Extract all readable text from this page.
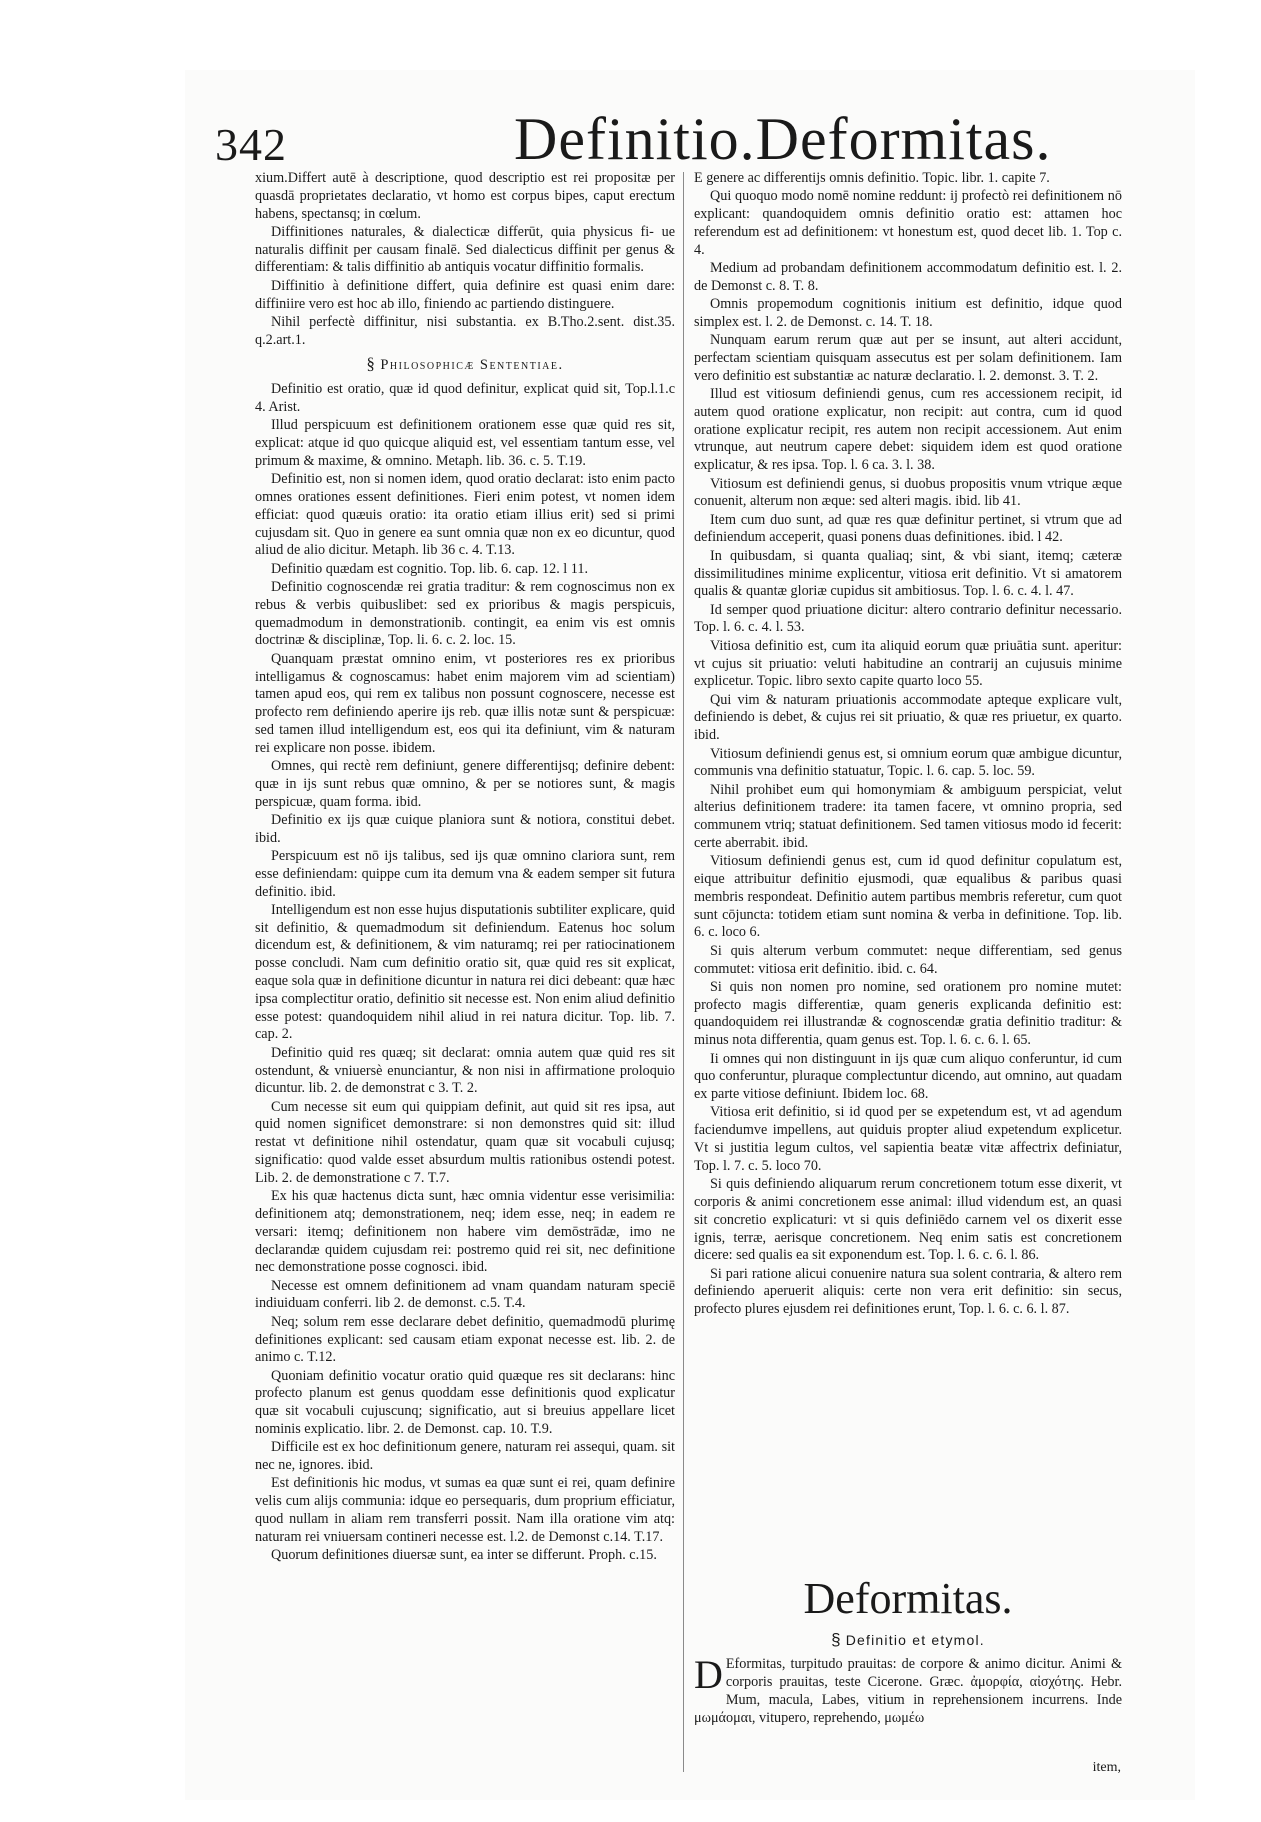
342	Definitio.Deformitas.

xium.Differt autē à descriptione, quod descriptio est rei propositæ per quasdā proprietates declaratio, vt homo est corpus bipes, caput erectum habens, spectansq; in cœlum.

Diffinitiones naturales, & dialecticæ differūt, quia physicus fi- ue naturalis diffinit per causam finalē. Sed dialecticus diffinit per genus & differentiam: & talis diffinitio ab antiquis vocatur diffinitio formalis.

Diffinitio à definitione differt, quia definire est quasi enim dare: diffiniire vero est hoc ab illo, finiendo ac partiendo distinguere.

Nihil perfectè diffinitur, nisi substantia. ex B.Tho.2.sent. dist.35. q.2.art.1.

§ Philosophicæ Sententiae.

Definitio est oratio, quæ id quod definitur, explicat quid sit, Top.l.1.c 4. Arist.

Illud perspicuum est definitionem orationem esse quæ quid res sit, explicat: atque id quo quicque aliquid est, vel essentiam tantum esse, vel primum & maxime, & omnino. Metaph. lib. 36. c. 5. T.19.

Definitio est, non si nomen idem, quod oratio declarat: isto enim pacto omnes orationes essent definitiones. Fieri enim potest, vt nomen idem efficiat: quod quæuis oratio: ita oratio etiam illius erit) sed si primi cujusdam sit. Quo in genere ea sunt omnia quæ non ex eo dicuntur, quod aliud de alio dicitur. Metaph. lib 36 c. 4. T.13.

Definitio quædam est cognitio. Top. lib. 6. cap. 12. l 11.

Definitio cognoscendæ rei gratia traditur: & rem cognoscimus non ex rebus & verbis quibuslibet: sed ex prioribus & magis perspicuis, quemadmodum in demonstrationib. contingit, ea enim vis est omnis doctrinæ & disciplinæ, Top. li. 6. c. 2. loc. 15.

Quanquam præstat omnino enim, vt posteriores res ex prioribus intelligamus & cognoscamus: habet enim majorem vim ad scientiam) tamen apud eos, qui rem ex talibus non possunt cognoscere, necesse est profecto rem definiendo aperire ijs reb. quæ illis notæ sunt & perspicuæ: sed tamen illud intelligendum est, eos qui ita definiunt, vim & naturam rei explicare non posse. ibidem.

Omnes, qui rectè rem definiunt, genere differentijsq; definire debent: quæ in ijs sunt rebus quæ omnino, & per se notiores sunt, & magis perspicuæ, quam forma. ibid.

Definitio ex ijs quæ cuique planiora sunt & notiora, constitui debet. ibid.

Perspicuum est nō ijs talibus, sed ijs quæ omnino clariora sunt, rem esse definiendam: quippe cum ita demum vna & eadem semper sit futura definitio. ibid.

Intelligendum est non esse hujus disputationis subtiliter explicare, quid sit definitio, & quemadmodum sit definiendum. Eatenus hoc solum dicendum est, & definitionem, & vim naturamq; rei per ratiocinationem posse concludi. Nam cum definitio oratio sit, quæ quid res sit explicat, eaque sola quæ in definitione dicuntur in natura rei dici debeant: quæ hæc ipsa complectitur oratio, definitio sit necesse est. Non enim aliud definitio esse potest: quandoquidem nihil aliud in rei natura dicitur. Top. lib. 7. cap. 2.

Definitio quid res quæq; sit declarat: omnia autem quæ quid res sit ostendunt, & vniuersè enunciantur, & non nisi in affirmatione proloquio dicuntur. lib. 2. de demonstrat c 3. T. 2.

Cum necesse sit eum qui quippiam definit, aut quid sit res ipsa, aut quid nomen significet demonstrare: si non demonstres quid sit: illud restat vt definitione nihil ostendatur, quam quæ sit vocabuli cujusq; significatio: quod valde esset absurdum multis rationibus ostendi potest. Lib. 2. de demonstratione c 7. T.7.

Ex his quæ hactenus dicta sunt, hæc omnia videntur esse verisimilia: definitionem atq; demonstrationem, neq; idem esse, neq; in eadem re versari: itemq; definitionem non habere vim demōstrādæ, imo ne declarandæ quidem cujusdam rei: postremo quid rei sit, nec definitione nec demonstratione posse cognosci. ibid.

Necesse est omnem definitionem ad vnam quandam naturam speciē indiuiduam conferri. lib 2. de demonst. c.5. T.4.

Neq; solum rem esse declarare debet definitio, quemadmodū plurimę definitiones explicant: sed causam etiam exponat necesse est. lib. 2. de animo c. T.12.

Quoniam definitio vocatur oratio quid quæque res sit declarans: hinc profecto planum est genus quoddam esse definitionis quod explicatur quæ sit vocabuli cujuscunq; significatio, aut si breuius appellare licet nominis explicatio. libr. 2. de Demonst. cap. 10. T.9.

Difficile est ex hoc definitionum genere, naturam rei assequi, quam. sit nec ne, ignores. ibid.

Est definitionis hic modus, vt sumas ea quæ sunt ei rei, quam definire velis cum alijs communia: idque eo persequaris, dum proprium efficiatur, quod nullam in aliam rem transferri possit. Nam illa oratione vim atq: naturam rei vniuersam contineri necesse est. l.2. de Demonst c.14. T.17.

Quorum definitiones diuersæ sunt, ea inter se differunt. Proph. c.15.

E genere ac differentijs omnis definitio. Topic. libr. 1. capite 7.

Qui quoquo modo nomē nomine reddunt: ij profectò rei definitionem nō explicant: quandoquidem omnis definitio oratio est: attamen hoc referendum est ad definitionem: vt honestum est, quod decet lib. 1. Top c. 4.

Medium ad probandam definitionem accommodatum definitio est. l. 2. de Demonst c. 8. T. 8.

Omnis propemodum cognitionis initium est definitio, idque quod simplex est. l. 2. de Demonst. c. 14. T. 18.

Nunquam earum rerum quæ aut per se insunt, aut alteri accidunt, perfectam scientiam quisquam assecutus est per solam definitionem. Iam vero definitio est substantiæ ac naturæ declaratio. l. 2. demonst. 3. T. 2.

Illud est vitiosum definiendi genus, cum res accessionem recipit, id autem quod oratione explicatur, non recipit: aut contra, cum id quod oratione explicatur recipit, res autem non recipit accessionem. Aut enim vtrunque, aut neutrum capere debet: siquidem idem est quod oratione explicatur, & res ipsa. Top. l. 6 ca. 3. l. 38.

Vitiosum est definiendi genus, si duobus propositis vnum vtrique æque conuenit, alterum non æque: sed alteri magis. ibid. lib 41.

Item cum duo sunt, ad quæ res quæ definitur pertinet, si vtrum que ad definiendum acceperit, quasi ponens duas definitiones. ibid. l 42.

In quibusdam, si quanta qualiaq; sint, & vbi siant, itemq; cæteræ dissimilitudines minime explicentur, vitiosa erit definitio. Vt si amatorem qualis & quantæ gloriæ cupidus sit ambitiosus. Top. l. 6. c. 4. l. 47.

Id semper quod priuatione dicitur: altero contrario definitur necessario. Top. l. 6. c. 4. l. 53.

Vitiosa definitio est, cum ita aliquid eorum quæ priuātia sunt. aperitur: vt cujus sit priuatio: veluti habitudine an contrarij an cujusuis minime explicetur. Topic. libro sexto capite quarto loco 55.

Qui vim & naturam priuationis accommodate apteque explicare vult, definiendo is debet, & cujus rei sit priuatio, & quæ res priuetur, ex quarto. ibid.

Vitiosum definiendi genus est, si omnium eorum quæ ambigue dicuntur, communis vna definitio statuatur, Topic. l. 6. cap. 5. loc. 59.

Nihil prohibet eum qui homonymiam & ambiguum perspiciat, velut alterius definitionem tradere: ita tamen facere, vt omnino propria, sed communem vtriq; statuat definitionem. Sed tamen vitiosus modo id fecerit: certe aberrabit. ibid.

Vitiosum definiendi genus est, cum id quod definitur copulatum est, eique attribuitur definitio ejusmodi, quæ equalibus & paribus quasi membris respondeat. Definitio autem partibus membris referetur, cum quot sunt cōjuncta: totidem etiam sunt nomina & verba in definitione. Top. lib. 6. c. loco 6.

Si quis alterum verbum commutet: neque differentiam, sed genus commutet: vitiosa erit definitio. ibid. c. 64.

Si quis non nomen pro nomine, sed orationem pro nomine mutet: profecto magis differentiæ, quam generis explicanda definitio est: quandoquidem rei illustrandæ & cognoscendæ gratia definitio traditur: & minus nota differentia, quam genus est. Top. l. 6. c. 6. l. 65.

Ii omnes qui non distinguunt in ijs quæ cum aliquo conferuntur, id cum quo conferuntur, pluraque complectuntur dicendo, aut omnino, aut quadam ex parte vitiose definiunt. Ibidem loc. 68.

Vitiosa erit definitio, si id quod per se expetendum est, vt ad agendum faciendumve impellens, aut quiduis propter aliud expetendum explicetur. Vt si justitia legum cultos, vel sapientia beatæ vitæ affectrix definiatur, Top. l. 7. c. 5. loco 70.

Si quis definiendo aliquarum rerum concretionem totum esse dixerit, vt corporis & animi concretionem esse animal: illud videndum est, an quasi sit concretio explicaturi: vt si quis definiēdo carnem vel os dixerit esse ignis, terræ, aerisque concretionem. Neq enim satis est concretionem dicere: sed qualis ea sit exponendum est. Top. l. 6. c. 6. l. 86.

Si pari ratione alicui conuenire natura sua solent contraria, & altero rem definiendo aperuerit aliquis: certe non vera erit definitio: sin secus, profecto plures ejusdem rei definitiones erunt, Top. l. 6. c. 6. l. 87.

Deformitas.
§ Definitio et etymol.

D Eformitas, turpitudo prauitas: de corpore & animo dicitur. Animi & corporis prauitas, teste Cicerone. Græc. ἀμορφία, αἰσχότης. Hebr. Mum, macula, Labes, vitium in reprehensionem incurrens. Inde μωμάομαι, vitupero, reprehendo, μωμέω

item,
